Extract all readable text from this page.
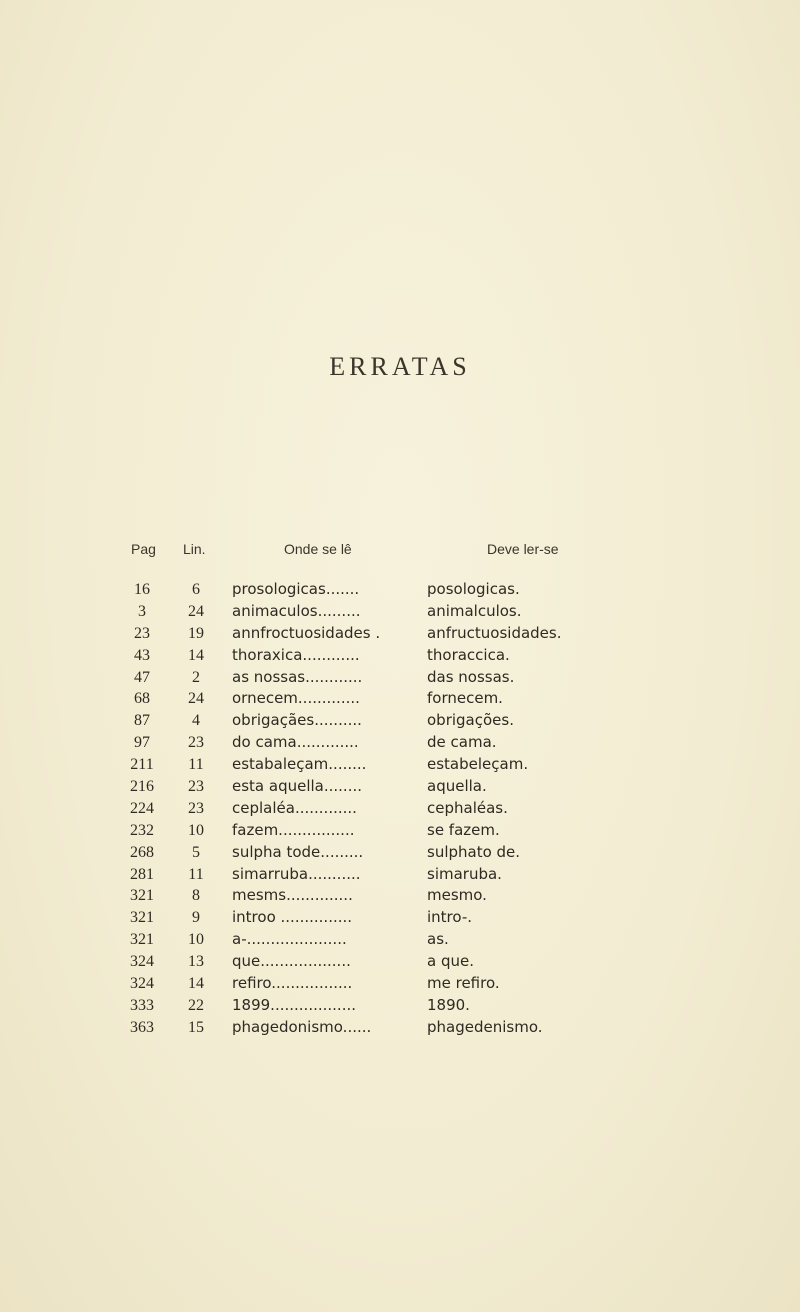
ERRATAS
Pag Lin.	Onde se lê	Deve ler-se
16	6	prosologicas.......	posologicas.
3	24	animaculos.........	animalculos.
23	19	annfroctuosidades .	anfructuosidades.
43	14	thoraxica............	thoraccica.
47	2	as nossas............	das nossas.
68	24	ornecem.............	fornecem.
87	4	obrigaçães..........	obrigações.
97	23	do cama.............	de cama.
211	11	estabaleçam........	estabeleçam.
216	23	esta aquella........	aquella.
224	23	ceplaléa.............	cephaléas.
232	10	fazem................	se fazem.
268	5	sulpha tode.........	sulphato de.
281	11	simarruba...........	simaruba.
321	8	mesms..............	mesmo.
321	9	introo ...............	intro-.
321	10	a-.....................	as.
324	13	que...................	a que.
324	14	refiro.................	me refiro.
333	22	1899..................	1890.
363	15	phagedonismo......	phagedenismo.
